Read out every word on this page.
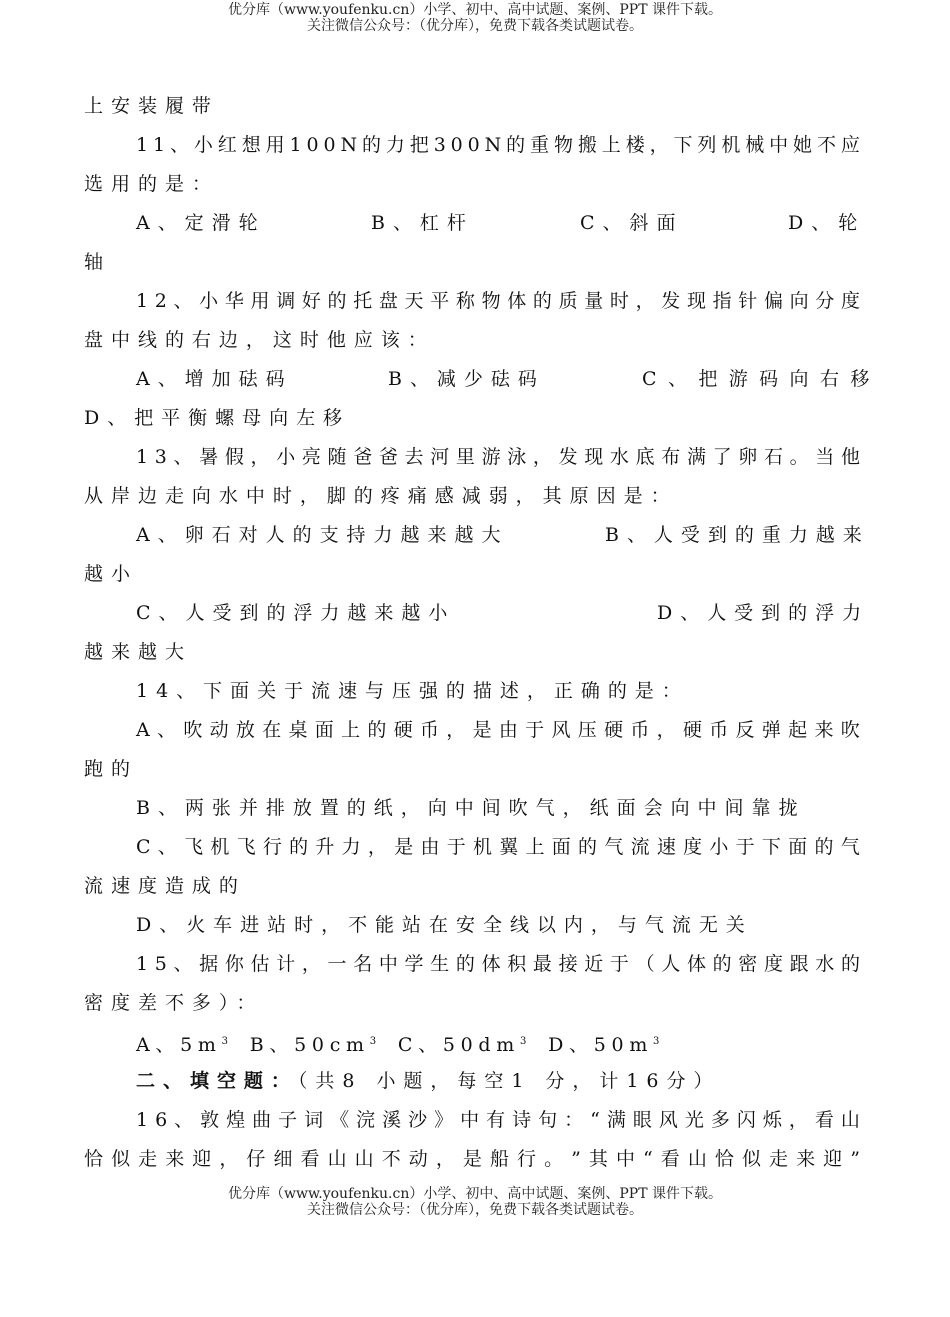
优分库（www.youfenku.cn）小学、初中、高中试题、案例、PPT 课件下载。
关注微信公众号：（优分库），免费下载各类试题试卷。
上安装履带
1 1 、 小 红 想 用 1 0 0 N 的 力 把 3 0 0 N 的 重 物 搬 上 楼 ， 下 列 机 械 中 她 不 应
选用的是：
A、定滑轮	B、杠杆	C、斜面	D、轮
轴
1 2 、 小 华 用 调 好 的 托 盘 天 平 称 物 体 的 质 量 时 ， 发 现 指 针 偏 向 分 度
盘中线的右边，这时他应该：
A、增加砝码	B、减少砝码	C、把游码向右移
D、把平衡螺母向左移
1 3 、 暑 假 ， 小 亮 随 爸 爸 去 河 里 游 泳 ， 发 现 水 底 布 满 了 卵 石 。 当 他
从岸边走向水中时，脚的疼痛感减弱，其原因是：
A、卵石对人的支持力越来越大	B、人受到的重力越来
越小
C、人受到的浮力越来越小	D、人受到的浮力
越来越大
14、下面关于流速与压强的描述，正确的是：
A 、 吹 动 放 在 桌 面 上 的 硬 币 ， 是 由 于 风 压 硬 币 ， 硬 币 反 弹 起 来 吹
跑的
B、两张并排放置的纸，向中间吹气，纸面会向中间靠拢
C 、 飞 机 飞 行 的 升 力 ， 是 由 于 机 翼 上 面 的 气 流 速 度 小 于 下 面 的 气
流速度造成的
D、火车进站时，不能站在安全线以内，与气流无关
1 5 、 据 你 估 计 ， 一 名 中 学 生 的 体 积 最 接 近 于 （ 人 体 的 密 度 跟 水 的
密度差不多）：
A、$5m^3$ B、$50cm^3$ C、$50dm^3$ D、$50m^3$
二、填空题：（共8 小题，每空1 分，计16分）
1 6 、 敦 煌 曲 子 词 《 浣 溪 沙 》 中 有 诗 句 ： “ 满 眼 风 光 多 闪 烁 ， 看 山
恰 似 走 来 迎 ， 仔 细 看 山 山 不 动 ， 是 船 行 。 ” 其 中 “ 看 山 恰 似 走 来 迎 ”
优分库（www.youfenku.cn）小学、初中、高中试题、案例、PPT 课件下载。
关注微信公众号：（优分库），免费下载各类试题试卷。
